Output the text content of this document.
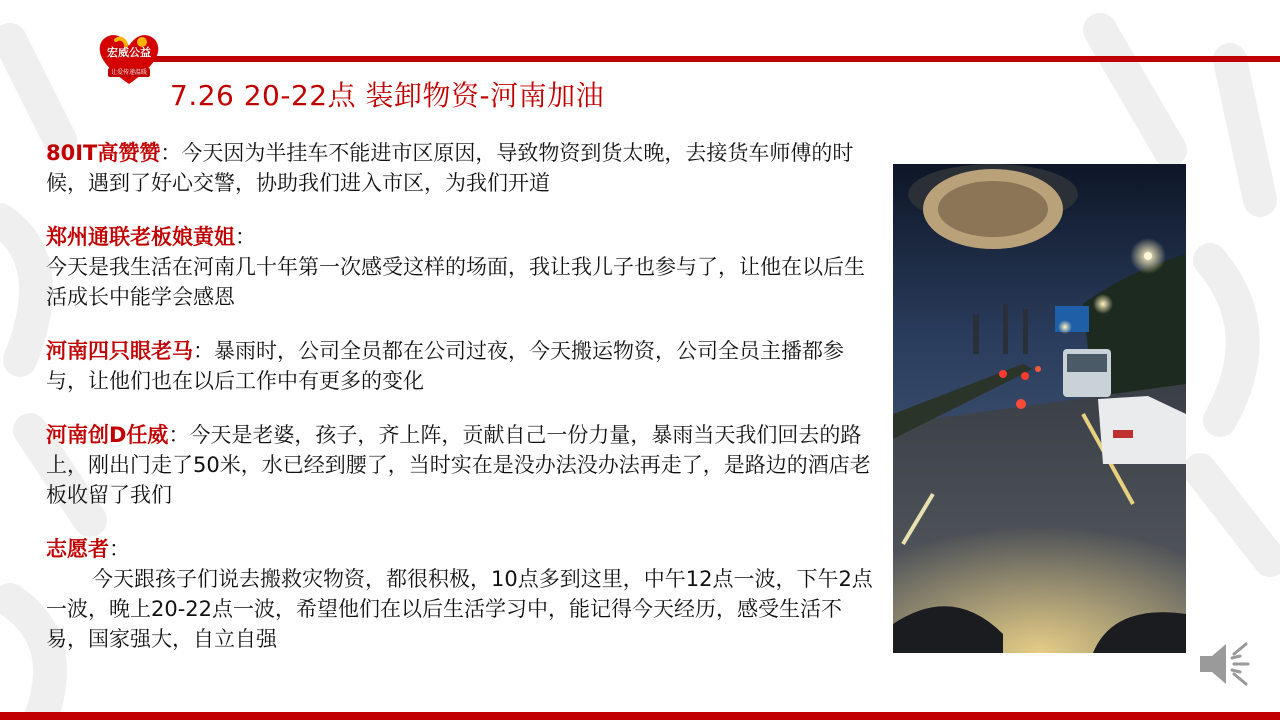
宏威公益
让爱传递温暖
7.26 20-22点 装卸物资-河南加油

80IT高赞赞：今天因为半挂车不能进市区原因，导致物资到货太晚，去接货车师傅的时候，遇到了好心交警，协助我们进入市区，为我们开道

郑州通联老板娘黄姐：
今天是我生活在河南几十年第一次感受这样的场面，我让我儿子也参与了，让他在以后生活成长中能学会感恩

河南四只眼老马：暴雨时，公司全员都在公司过夜，今天搬运物资，公司全员主播都参与，让他们也在以后工作中有更多的变化

河南创D任威：今天是老婆，孩子，齐上阵，贡献自己一份力量，暴雨当天我们回去的路上，刚出门走了50米，水已经到腰了，当时实在是没办法没办法再走了，是路边的酒店老板收留了我们

志愿者：
今天跟孩子们说去搬救灾物资，都很积极，10点多到这里，中午12点一波，下午2点一波，晚上20-22点一波，希望他们在以后生活学习中，能记得今天经历，感受生活不易，国家强大，自立自强
